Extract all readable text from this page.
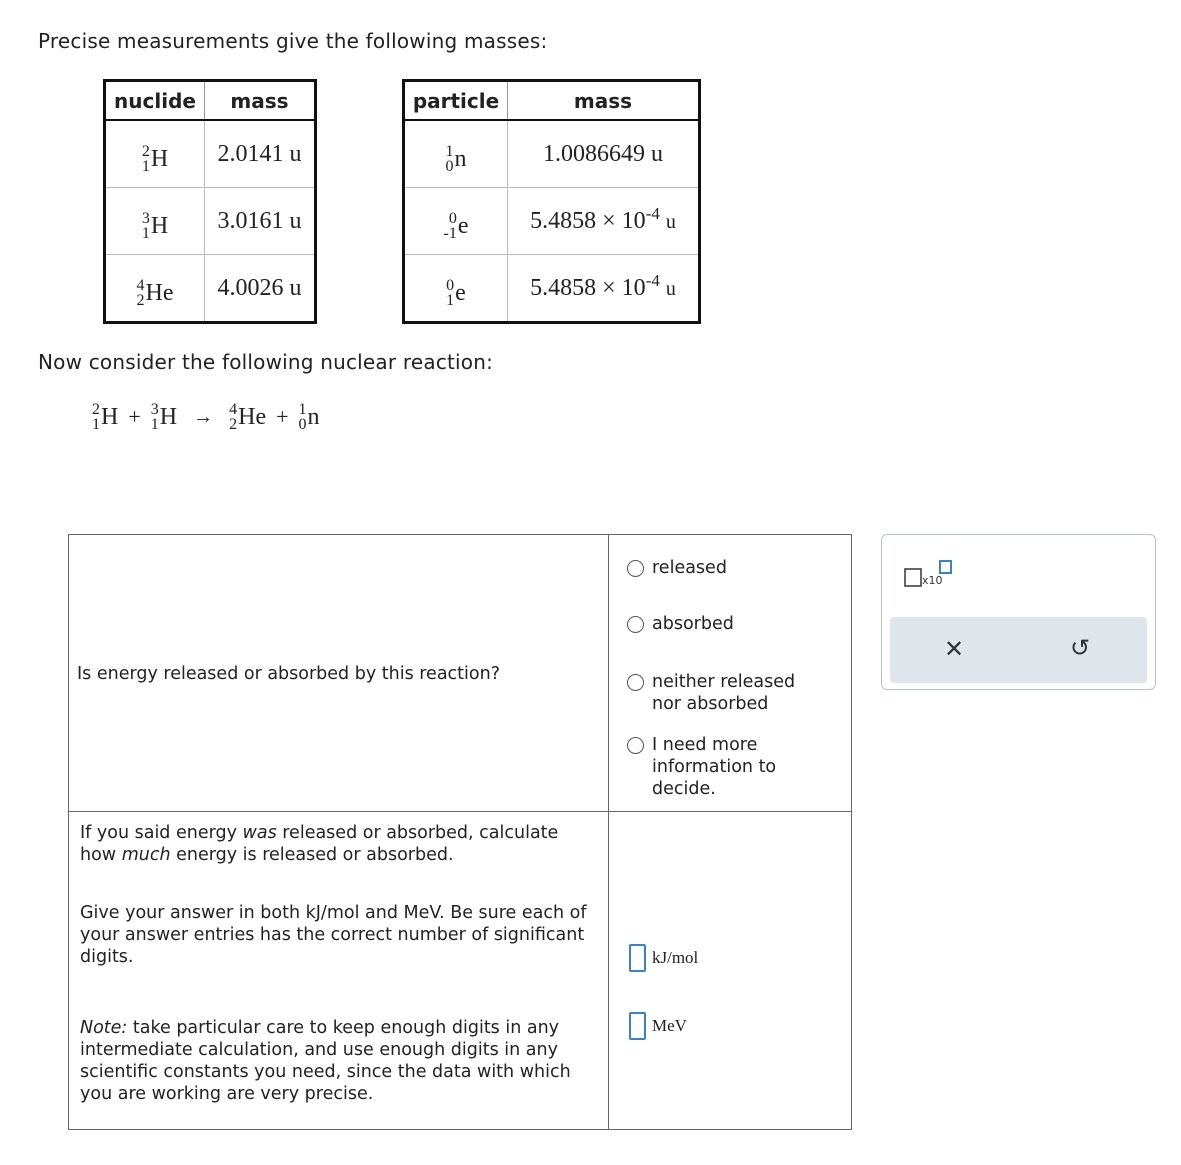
Precise measurements give the following masses:
nuclide	mass

2
1 H	2.0141 u

3
1 H	3.0161 u

4
2 He	4.0026 u
particle	mass

1
0 n	1.0086649 u

0
-1 e	$5.4858 \times 10^{-4}$ u

0
1 e	$5.4858 \times 10^{-4}$ u
Now consider the following nuclear reaction:
2
1 H + 3
1 H → 4
2 He + 1
0 n
Is energy released or absorbed by this reaction?
released
absorbed
neither released nor absorbed
I need more information to decide.
If you said energy was released or absorbed, calculate how much energy is released or absorbed.
Give your answer in both kJ/mol and MeV. Be sure each of your answer entries has the correct number of significant digits.
Note: take particular care to keep enough digits in any intermediate calculation, and use enough digits in any scientific constants you need, since the data with which you are working are very precise.
kJ/mol
MeV
x10
✕	↺
